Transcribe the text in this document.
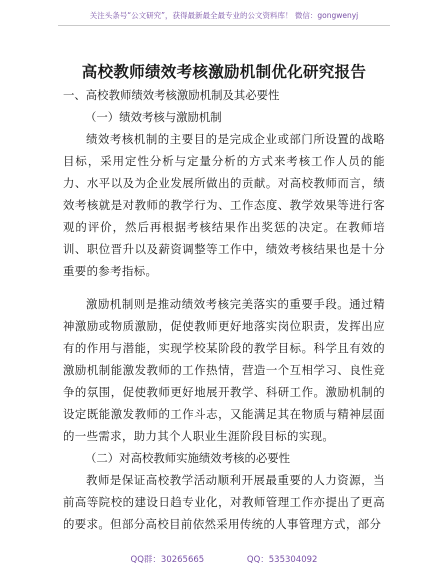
关注头条号“公文研究”，获得最新最全最专业的公文资料库！ 微信：gongwenyj
高校教师绩效考核激励机制优化研究报告

一、高校教师绩效考核激励机制及其必要性

（一）绩效考核与激励机制

绩效考核机制的主要目的是完成企业或部门所设置的战略目标，采用定性分析与定量分析的方式来考核工作人员的能力、水平以及为企业发展所做出的贡献。对高校教师而言，绩效考核就是对教师的教学行为、工作态度、教学效果等进行客观的评价，然后再根据考核结果作出奖惩的决定。在教师培训、职位晋升以及薪资调整等工作中，绩效考核结果也是十分重要的参考指标。

激励机制则是推动绩效考核完美落实的重要手段。通过精神激励或物质激励，促使教师更好地落实岗位职责，发挥出应有的作用与潜能，实现学校某阶段的教学目标。科学且有效的激励机制能激发教师的工作热情，营造一个互相学习、良性竞争的氛围，促使教师更好地展开教学、科研工作。激励机制的设定既能激发教师的工作斗志，又能满足其在物质与精神层面的一些需求，助力其个人职业生涯阶段目标的实现。

（二）对高校教师实施绩效考核的必要性

教师是保证高校教学活动顺利开展最重要的人力资源，当前高等院校的建设日趋专业化，对教师管理工作亦提出了更高的要求。但部分高校目前依然采用传统的人事管理方式，部分

QQ群：30265665	QQ：535304092
